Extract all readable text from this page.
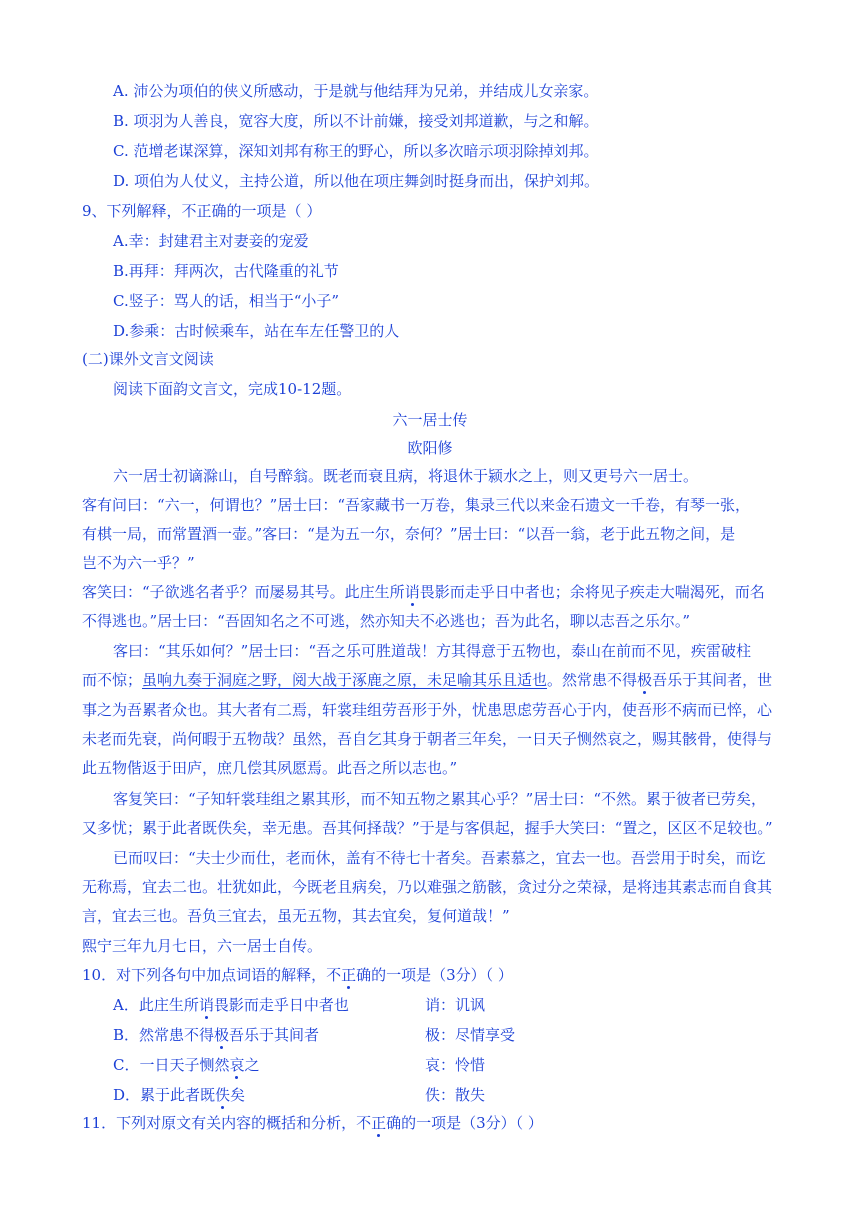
A. 沛公为项伯的侠义所感动，于是就与他结拜为兄弟，并结成儿女亲家。
B. 项羽为人善良，宽容大度，所以不计前嫌，接受刘邦道歉，与之和解。
C. 范增老谋深算，深知刘邦有称王的野心，所以多次暗示项羽除掉刘邦。
D. 项伯为人仗义，主持公道，所以他在项庄舞剑时挺身而出，保护刘邦。
9、下列解释，不正确的一项是（ ）
A.幸：封建君主对妻妾的宠爱
B.再拜：拜两次，古代隆重的礼节
C.竖子：骂人的话，相当于“小子”
D.参乘：古时候乘车，站在车左任警卫的人
(二)课外文言文阅读
阅读下面韵文言文，完成10-12题。
六一居士传
欧阳修
六一居士初谪滁山，自号醉翁。既老而衰且病，将退休于颍水之上，则又更号六一居士。
客有问曰：“六一，何谓也？”居士曰：“吾家藏书一万卷，集录三代以来金石遗文一千卷，有琴一张，
有棋一局，而常置酒一壶。”客曰：“是为五一尔，奈何？”居士曰：“以吾一翁，老于此五物之间，是
岂不为六一乎？”
客笑曰：“子欲逃名者乎？而屡易其号。此庄生所诮畏影而走乎日中者也；余将见子疾走大喘渴死，而名
不得逃也。”居士曰：“吾固知名之不可逃，然亦知夫不必逃也；吾为此名，聊以志吾之乐尔。”
客曰：“其乐如何？”居士曰：“吾之乐可胜道哉！方其得意于五物也，泰山在前而不见，疾雷破柱
而不惊；虽响九奏于洞庭之野，阅大战于涿鹿之原，未足喻其乐且适也。然常患不得极吾乐于其间者，世
事之为吾累者众也。其大者有二焉，轩裳珪组劳吾形于外，忧患思虑劳吾心于内，使吾形不病而已悴，心
未老而先衰，尚何暇于五物哉？虽然，吾自乞其身于朝者三年矣，一日天子恻然哀之，赐其骸骨，使得与
此五物偕返于田庐，庶几偿其夙愿焉。此吾之所以志也。”
客复笑曰：“子知轩裳珪组之累其形，而不知五物之累其心乎？”居士曰：“不然。累于彼者已劳矣，
又多忧；累于此者既佚矣，幸无患。吾其何择哉？”于是与客俱起，握手大笑曰：“置之，区区不足较也。”
已而叹曰：“夫士少而仕，老而休，盖有不待七十者矣。吾素慕之，宜去一也。吾尝用于时矣，而讫
无称焉，宜去二也。壮犹如此，今既老且病矣，乃以难强之筋骸，贪过分之荣禄，是将违其素志而自食其
言，宜去三也。吾负三宜去，虽无五物，其去宜矣，复何道哉！”
熙宁三年九月七日，六一居士自传。
10．对下列各句中加点词语的解释，不正确的一项是（3分）（ ）
A．此庄生所诮畏影而走乎日中者也	诮：讥讽
B．然常患不得极吾乐于其间者	极：尽情享受
C．一日天子恻然哀之	哀：怜惜
D．累于此者既佚矣	佚：散失
11．下列对原文有关内容的概括和分析，不正确的一项是（3分）（ ）
